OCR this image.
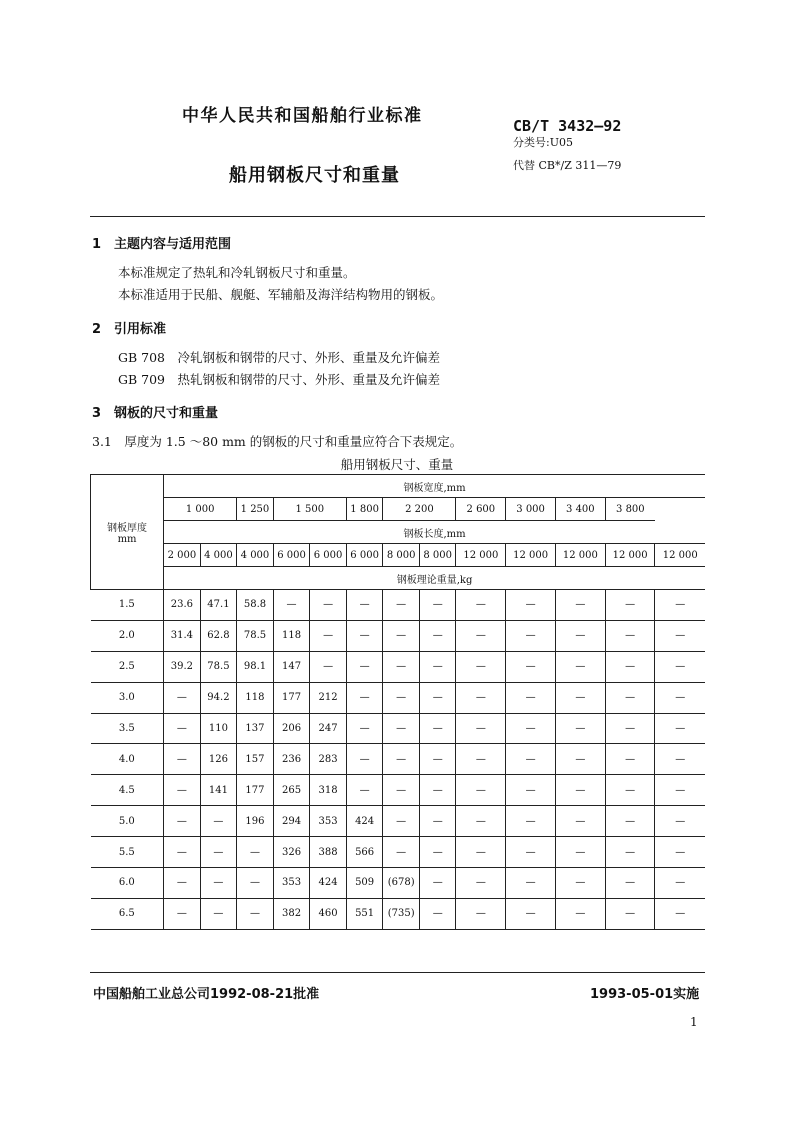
中华人民共和国船舶行业标准	CB/T 3432—92
分类号:U05
船用钢板尺寸和重量	代替 CB*/Z 311—79
1　主题内容与适用范围
本标准规定了热轧和冷轧钢板尺寸和重量。
本标准适用于民船、舰艇、军辅船及海洋结构物用的钢板。
2　引用标准
GB 708　冷轧钢板和钢带的尺寸、外形、重量及允许偏差
GB 709　热轧钢板和钢带的尺寸、外形、重量及允许偏差
3　钢板的尺寸和重量
3.1　厚度为 1.5 ～80 mm 的钢板的尺寸和重量应符合下表规定。
船用钢板尺寸、重量
钢板厚度
mm	钢板宽度,mm												
	1 000		1 250	1 500		1 800	2 200		2 600	3 000	3 400	3 800	
	钢板长度,mm												
	2 000	4 000	4 000	6 000	6 000	6 000	8 000	8 000	12 000	12 000	12 000	12 000	12 000
	钢板理论重量,kg												
1.5	23.6	47.1	58.8	—	—	—	—	—	—	—	—	—	—
2.0	31.4	62.8	78.5	118	—	—	—	—	—	—	—	—	—
2.5	39.2	78.5	98.1	147	—	—	—	—	—	—	—	—	—
3.0	—	94.2	118	177	212	—	—	—	—	—	—	—	—
3.5	—	110	137	206	247	—	—	—	—	—	—	—	—
4.0	—	126	157	236	283	—	—	—	—	—	—	—	—
4.5	—	141	177	265	318	—	—	—	—	—	—	—	—
5.0	—	—	196	294	353	424	—	—	—	—	—	—	—
5.5	—	—	—	326	388	566	—	—	—	—	—	—	—
6.0	—	—	—	353	424	509	(678)	—	—	—	—	—	—
6.5	—	—	—	382	460	551	(735)	—	—	—	—	—	—
中国船舶工业总公司1992-08-21批准	1993-05-01实施
1
